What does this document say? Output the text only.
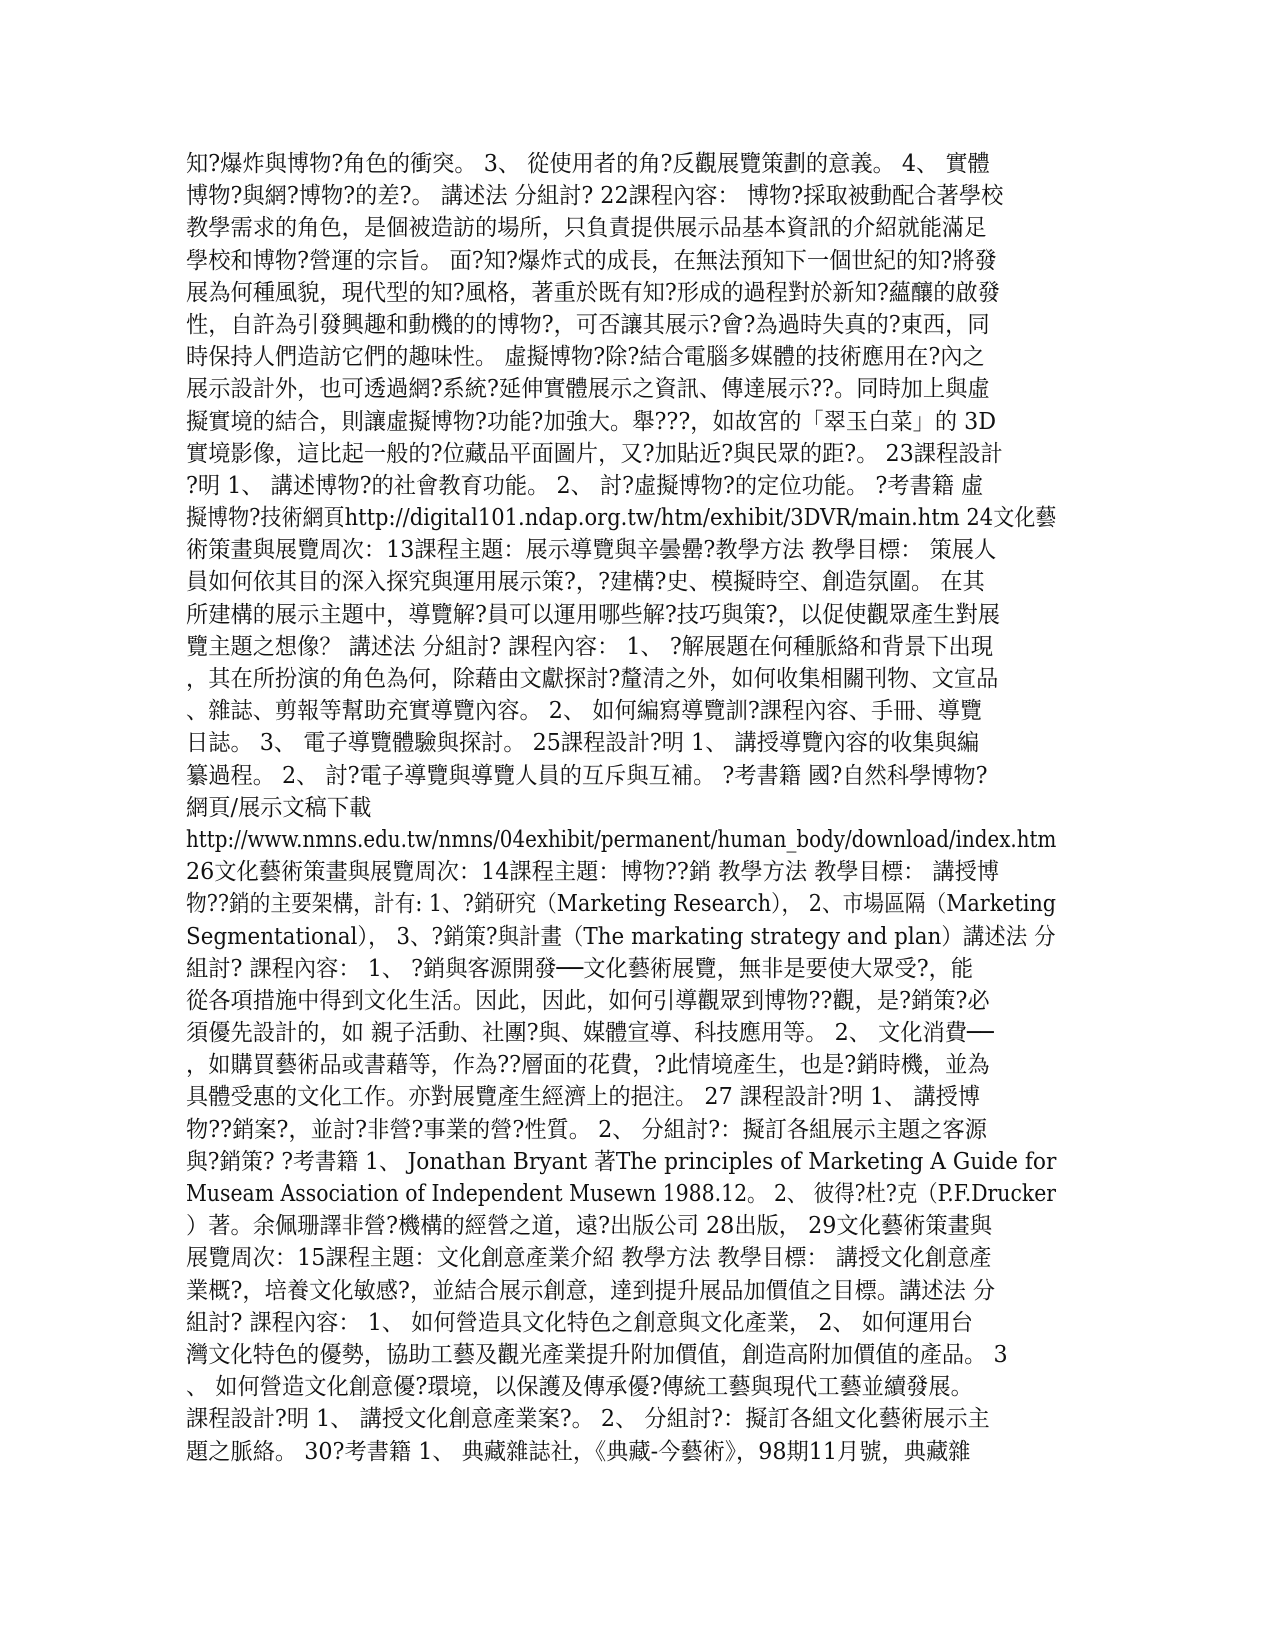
知?爆炸與博物?角色的衝突。 3、 從使用者的角?反觀展覽策劃的意義。 4、 實體
博物?與網?博物?的差?。 講述法 分組討? 22課程內容： 博物?採取被動配合著學校
教學需求的角色，是個被造訪的場所，只負責提供展示品基本資訊的介紹就能滿足
學校和博物?營運的宗旨。 面?知?爆炸式的成長，在無法預知下一個世紀的知?將發
展為何種風貌，現代型的知?風格，著重於既有知?形成的過程對於新知?蘊釀的啟發
性，自許為引發興趣和動機的的博物?，可否讓其展示?會?為過時失真的?東西，同
時保持人們造訪它們的趣味性。 虛擬博物?除?結合電腦多媒體的技術應用在?內之
展示設計外，也可透過網?系統?延伸實體展示之資訊、傳達展示??。同時加上與虛
擬實境的結合，則讓虛擬博物?功能?加強大。舉???，如故宮的「翠玉白菜」的 3D
實境影像，這比起一般的?位藏品平面圖片，又?加貼近?與民眾的距?。 23課程設計
?明 1、 講述博物?的社會教育功能。 2、 討?虛擬博物?的定位功能。 ?考書籍 虛
擬博物?技術網頁http://digital101.ndap.org.tw/htm/exhibit/3DVR/main.htm 24文化藝
術策畫與展覽周次：13課程主題：展示導覽與辛曇罍?教學方法 教學目標： 策展人
員如何依其目的深入探究與運用展示策?，?建構?史、模擬時空、創造氛圍。 在其
所建構的展示主題中，導覽解?員可以運用哪些解?技巧與策?，以促使觀眾產生對展
覽主題之想像？ 講述法 分組討? 課程內容： 1、 ?解展題在何種脈絡和背景下出現
，其在所扮演的角色為何，除藉由文獻探討?釐清之外，如何收集相關刊物、文宣品
、雜誌、剪報等幫助充實導覽內容。 2、 如何編寫導覽訓?課程內容、手冊、導覽
日誌。 3、 電子導覽體驗與探討。 25課程設計?明 1、 講授導覽內容的收集與編
纂過程。 2、 討?電子導覽與導覽人員的互斥與互補。 ?考書籍 國?自然科學博物?
網頁/展示文稿下載
http://www.nmns.edu.tw/nmns/04exhibit/permanent/human_body/download/index.htm
26文化藝術策畫與展覽周次：14課程主題：博物??銷 教學方法 教學目標： 講授博
物??銷的主要架構，計有: 1、?銷研究（Marketing Research）， 2、市場區隔（Marketing
Segmentational）， 3、?銷策?與計畫（The markating strategy and plan）講述法 分
組討? 課程內容： 1、 ?銷與客源開發──文化藝術展覽，無非是要使大眾受?，能
從各項措施中得到文化生活。因此，因此，如何引導觀眾到博物??觀，是?銷策?必
須優先設計的，如 親子活動、社團?與、媒體宣導、科技應用等。 2、 文化消費──
，如購買藝術品或書藉等，作為??層面的花費，?此情境產生，也是?銷時機，並為
具體受惠的文化工作。亦對展覽產生經濟上的挹注。 27 課程設計?明 1、 講授博
物??銷案?，並討?非營?事業的營?性質。 2、 分組討?：擬訂各組展示主題之客源
與?銷策? ?考書籍 1、 Jonathan Bryant 著The principles of Marketing A Guide for
Museam Association of Independent Musewn 1988.12。 2、 彼得?杜?克（P.F.Drucker
）著。余佩珊譯非營?機構的經營之道，遠?出版公司 28出版， 29文化藝術策畫與
展覽周次：15課程主題：文化創意產業介紹 教學方法 教學目標： 講授文化創意產
業概?，培養文化敏感?，並結合展示創意，達到提升展品加價值之目標。講述法 分
組討? 課程內容： 1、 如何營造具文化特色之創意與文化產業， 2、 如何運用台
灣文化特色的優勢，協助工藝及觀光產業提升附加價值，創造高附加價值的產品。 3
、 如何營造文化創意優?環境，以保護及傳承優?傳統工藝與現代工藝並續發展。
課程設計?明 1、 講授文化創意產業案?。 2、 分組討?：擬訂各組文化藝術展示主
題之脈絡。 30?考書籍 1、 典藏雜誌社，《典藏-今藝術》，98期11月號，典藏雜
